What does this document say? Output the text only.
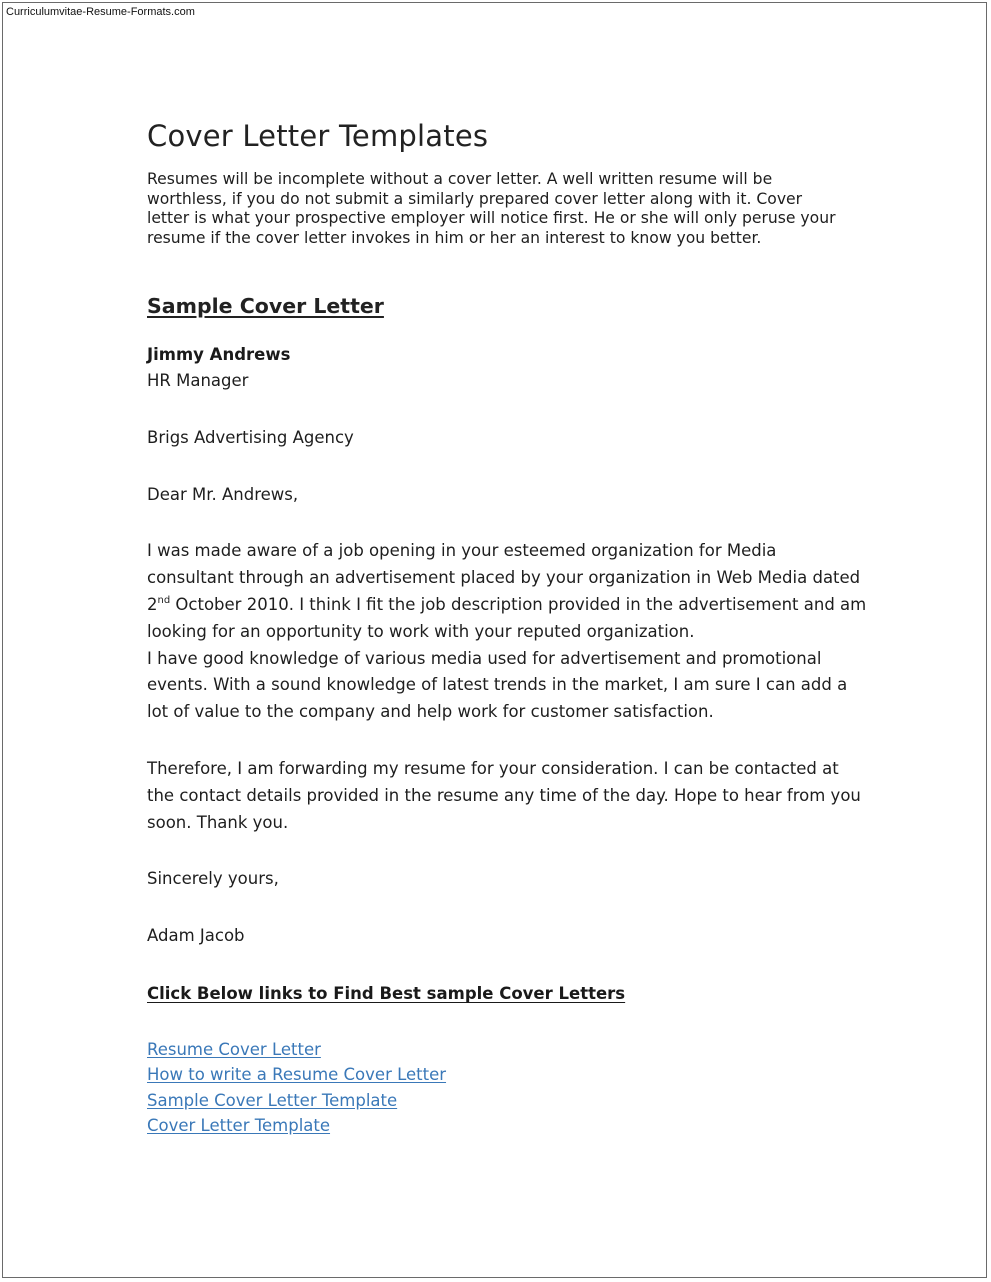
Curriculumvitae-Resume-Formats.com
Cover Letter Templates

Resumes will be incomplete without a cover letter. A well written resume will be worthless, if you do not submit a similarly prepared cover letter along with it. Cover letter is what your prospective employer will notice first. He or she will only peruse your resume if the cover letter invokes in him or her an interest to know you better.

Sample Cover Letter

Jimmy Andrews

HR Manager

Brigs Advertising Agency

Dear Mr. Andrews,

I was made aware of a job opening in your esteemed organization for Media consultant through an advertisement placed by your organization in Web Media dated 2nd October 2010. I think I fit the job description provided in the advertisement and am looking for an opportunity to work with your reputed organization.

I have good knowledge of various media used for advertisement and promotional events. With a sound knowledge of latest trends in the market, I am sure I can add a lot of value to the company and help work for customer satisfaction.

Therefore, I am forwarding my resume for your consideration. I can be contacted at the contact details provided in the resume any time of the day. Hope to hear from you soon. Thank you.

Sincerely yours,

Adam Jacob

Click Below links to Find Best sample Cover Letters

Resume Cover Letter
How to write a Resume Cover Letter
Sample Cover Letter Template
Cover Letter Template
